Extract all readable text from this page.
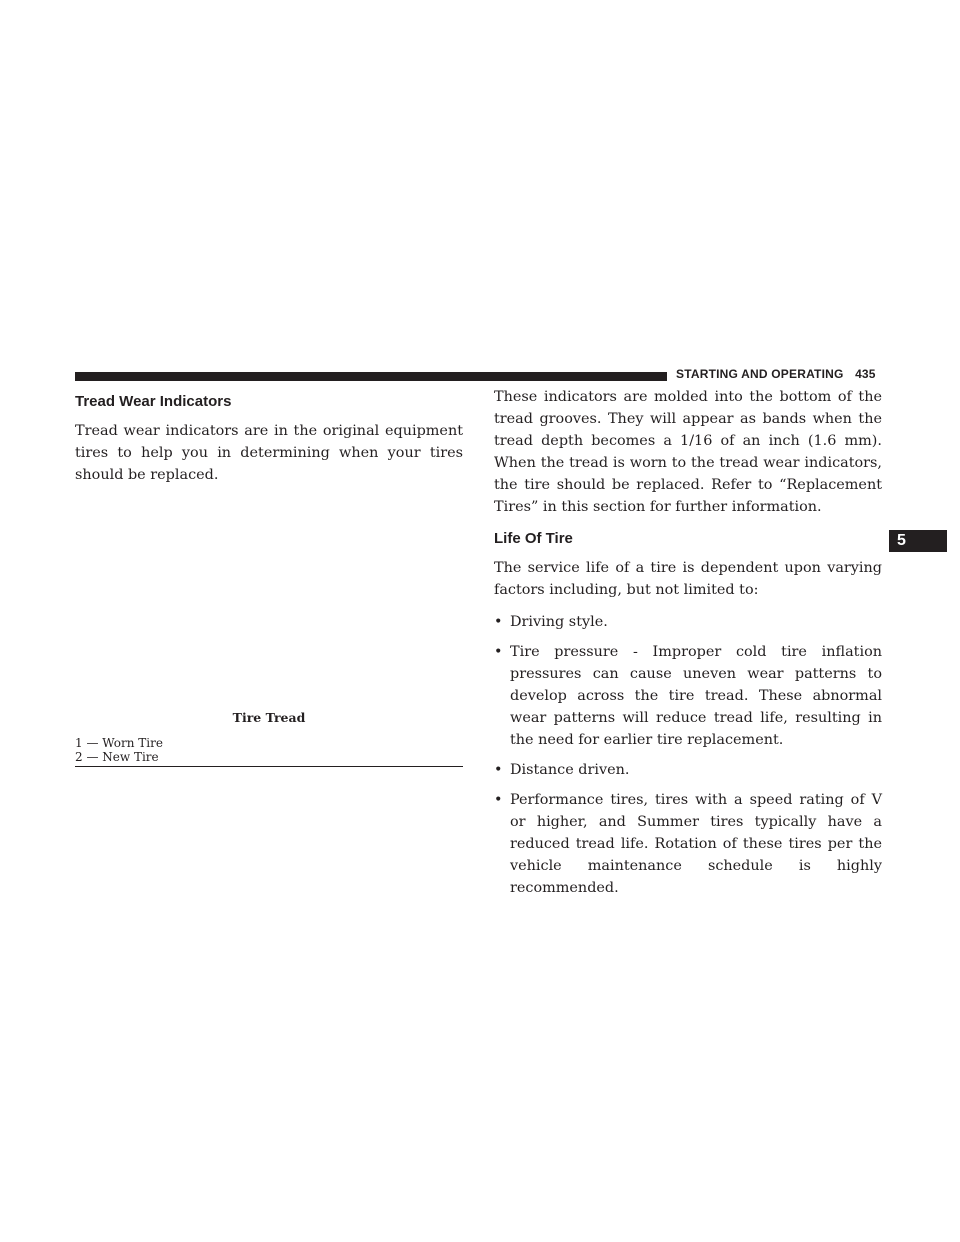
STARTING AND OPERATING 435
5
Tread Wear Indicators

Tread wear indicators are in the original equipment tires to help you in determining when your tires should be replaced.

Tire Tread
1 — Worn Tire
2 — New Tire

These indicators are molded into the bottom of the tread grooves. They will appear as bands when the tread depth becomes a 1/16 of an inch (1.6 mm). When the tread is worn to the tread wear indicators, the tire should be replaced. Refer to “Replacement Tires” in this section for further information.

Life Of Tire

The service life of a tire is dependent upon varying factors including, but not limited to:

• Driving style.
• Tire pressure - Improper cold tire inflation pressures can cause uneven wear patterns to develop across the tire tread. These abnormal wear patterns will reduce tread life, resulting in the need for earlier tire replacement.
• Distance driven.
• Performance tires, tires with a speed rating of V or higher, and Summer tires typically have a reduced tread life. Rotation of these tires per the vehicle maintenance schedule is highly recommended.
